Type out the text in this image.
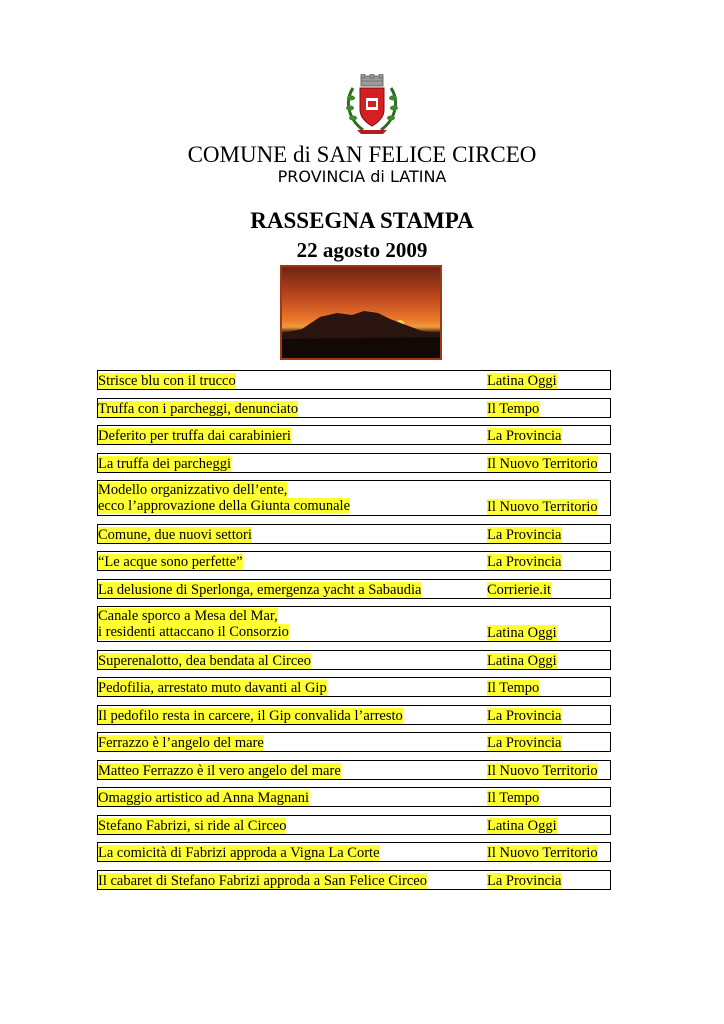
COMUNE di SAN FELICE CIRCEO
PROVINCIA di LATINA
RASSEGNA STAMPA
22 agosto 2009
Strisce blu con il trucco	Latina Oggi
Truffa con i parcheggi, denunciato	Il Tempo
Deferito per truffa dai carabinieri	La Provincia
La truffa dei parcheggi	Il Nuovo Territorio
Modello organizzativo dell’ente,
ecco l’approvazione della Giunta comunale	Il Nuovo Territorio
Comune, due nuovi settori	La Provincia
“Le acque sono perfette”	La Provincia
La delusione di Sperlonga, emergenza yacht a Sabaudia	Corrierie.it
Canale sporco a Mesa del Mar,
i residenti attaccano il Consorzio	Latina Oggi
Superenalotto, dea bendata al Circeo	Latina Oggi
Pedofilia, arrestato muto davanti al Gip	Il Tempo
Il pedofilo resta in carcere, il Gip convalida l’arresto	La Provincia
Ferrazzo è l’angelo del mare	La Provincia
Matteo Ferrazzo è il vero angelo del mare	Il Nuovo Territorio
Omaggio artistico ad Anna Magnani	Il Tempo
Stefano Fabrizi, si ride al Circeo	Latina Oggi
La comicità di Fabrizi approda a Vigna La Corte	Il Nuovo Territorio
Il cabaret di Stefano Fabrizi approda a San Felice Circeo	La Provincia
